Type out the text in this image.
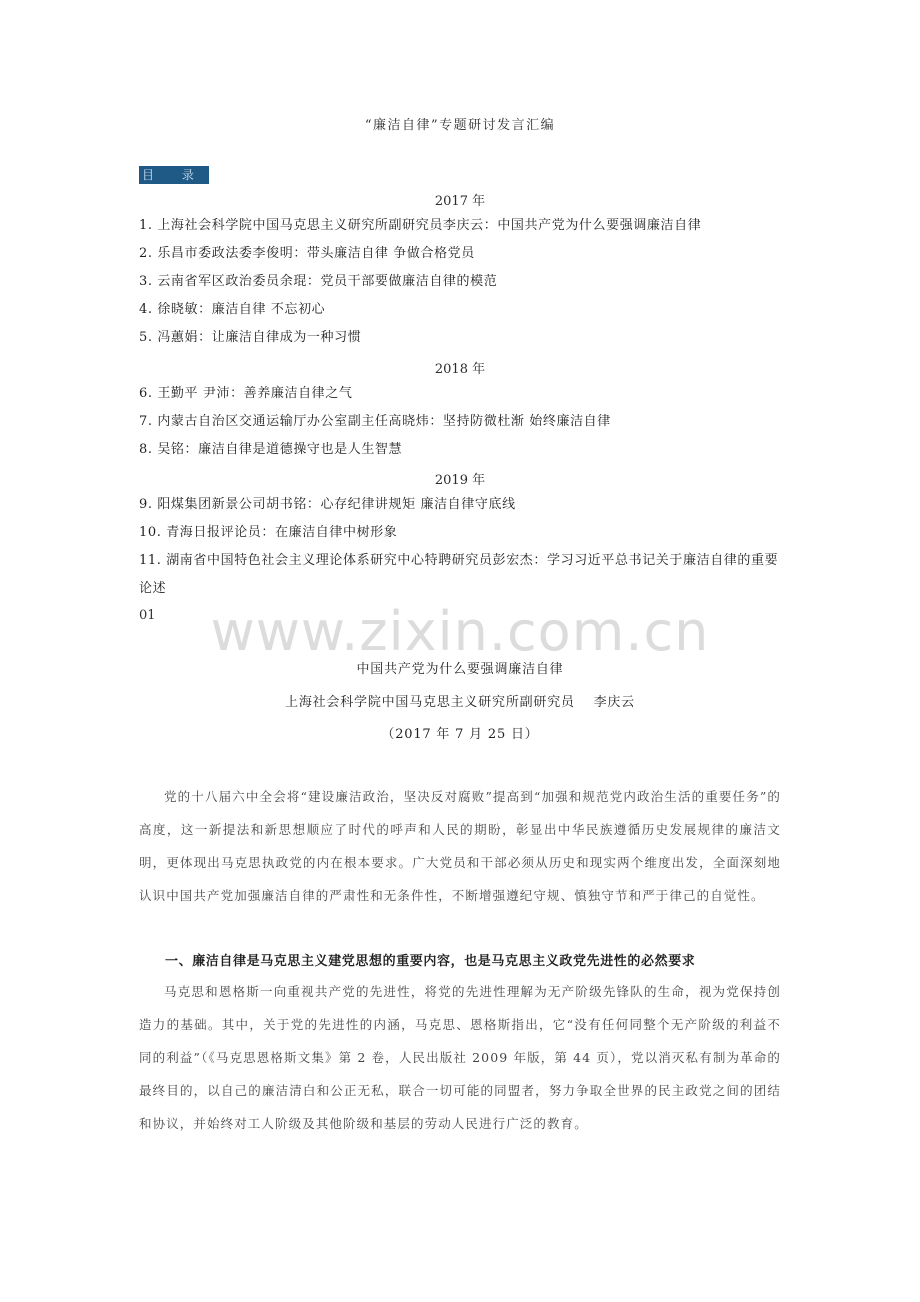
“廉洁自律”专题研讨发言汇编
目 录
2017 年
1. 上海社会科学院中国马克思主义研究所副研究员李庆云：中国共产党为什么要强调廉洁自律
2. 乐昌市委政法委李俊明：带头廉洁自律 争做合格党员
3. 云南省军区政治委员余琨：党员干部要做廉洁自律的模范
4. 徐晓敏：廉洁自律 不忘初心
5. 冯蕙娟：让廉洁自律成为一种习惯
2018 年
6. 王勤平 尹沛：善养廉洁自律之气
7. 内蒙古自治区交通运输厅办公室副主任高晓炜：坚持防微杜渐 始终廉洁自律
8. 吴铭：廉洁自律是道德操守也是人生智慧
2019 年
9. 阳煤集团新景公司胡书铭：心存纪律讲规矩 廉洁自律守底线
10. 青海日报评论员：在廉洁自律中树形象
11. 湖南省中国特色社会主义理论体系研究中心特聘研究员彭宏杰：学习习近平总书记关于廉洁自律的重要论述
01	www.zixin.com.cn
中国共产党为什么要强调廉洁自律
上海社会科学院中国马克思主义研究所副研究员　 李庆云
（2017 年 7 月 25 日）

党的十八届六中全会将“建设廉洁政治，坚决反对腐败”提高到“加强和规范党内政治生活的重要任务”的高度，这一新提法和新思想顺应了时代的呼声和人民的期盼，彰显出中华民族遵循历史发展规律的廉洁文明，更体现出马克思执政党的内在根本要求。广大党员和干部必须从历史和现实两个维度出发，全面深刻地认识中国共产党加强廉洁自律的严肃性和无条件性，不断增强遵纪守规、慎独守节和严于律己的自觉性。

一、廉洁自律是马克思主义建党思想的重要内容，也是马克思主义政党先进性的必然要求

马克思和恩格斯一向重视共产党的先进性，将党的先进性理解为无产阶级先锋队的生命，视为党保持创造力的基础。其中，关于党的先进性的内涵，马克思、恩格斯指出，它“没有任何同整个无产阶级的利益不同的利益”（《马克思恩格斯文集》第 2 卷，人民出版社 2009 年版，第 44 页），党以消灭私有制为革命的最终目的，以自己的廉洁清白和公正无私，联合一切可能的同盟者，努力争取全世界的民主政党之间的团结和协议，并始终对工人阶级及其他阶级和基层的劳动人民进行广泛的教育。
